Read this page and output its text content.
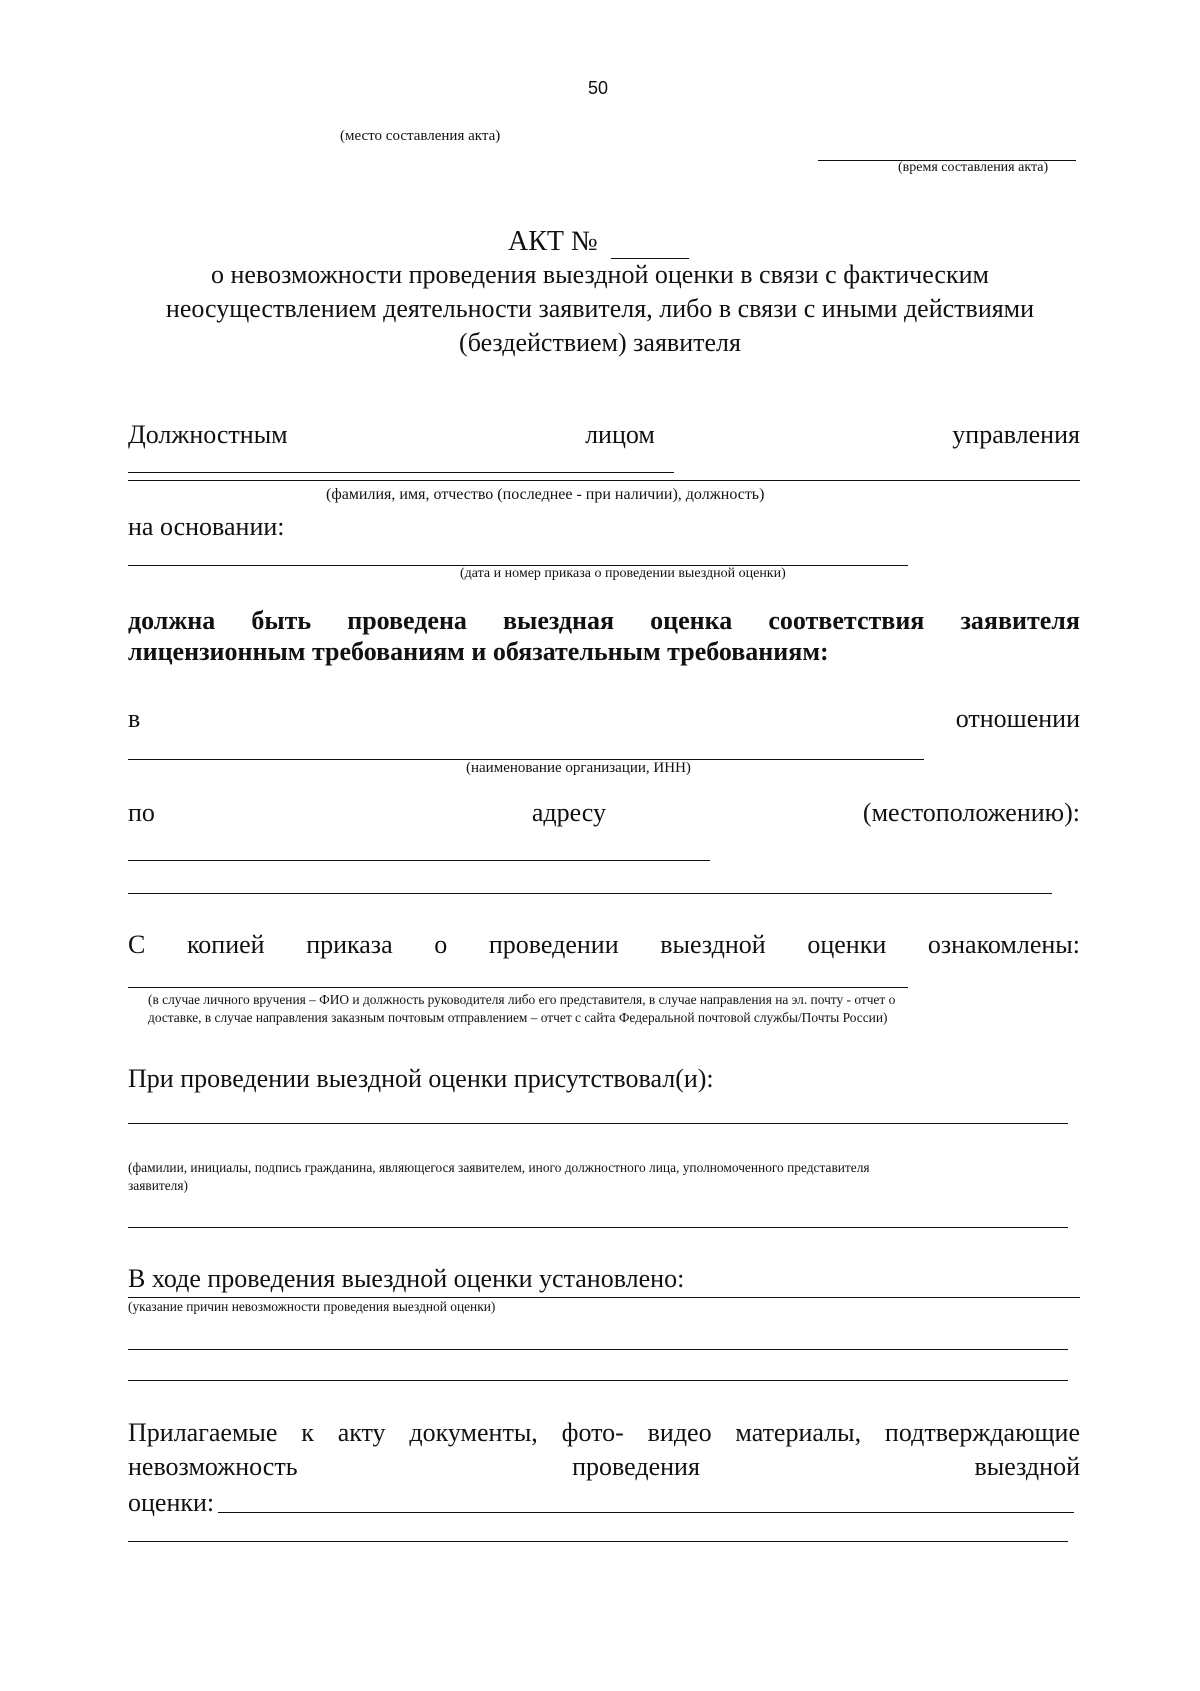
50
(место составления акта)
(время составления акта)
АКТ №
о невозможности проведения выездной оценки в связи с фактическим
неосуществлением деятельности заявителя, либо в связи с иными действиями
(бездействием) заявителя
Должностным	лицом	управления
(фамилия, имя, отчество (последнее - при наличии), должность)
на основании:
(дата и номер приказа о проведении выездной оценки)
должна быть проведена выездная оценка соответствия заявителя
лицензионным требованиям и обязательным требованиям:
в	отношении
(наименование организации, ИНН)
по	адресу	(местоположению):
С копией приказа о проведении выездной оценки ознакомлены:
(в случае личного вручения – ФИО и должность руководителя либо его представителя, в случае направления на эл. почту - отчет о
доставке, в случае направления заказным почтовым отправлением – отчет с сайта Федеральной почтовой службы/Почты России)
При проведении выездной оценки присутствовал(и):
(фамилии, инициалы, подпись гражданина, являющегося заявителем, иного должностного лица, уполномоченного представителя
заявителя)
В ходе проведения выездной оценки установлено:
(указание причин невозможности проведения выездной оценки)
Прилагаемые к акту документы, фото- видео материалы, подтверждающие
невозможность	проведения	выездной
оценки:
